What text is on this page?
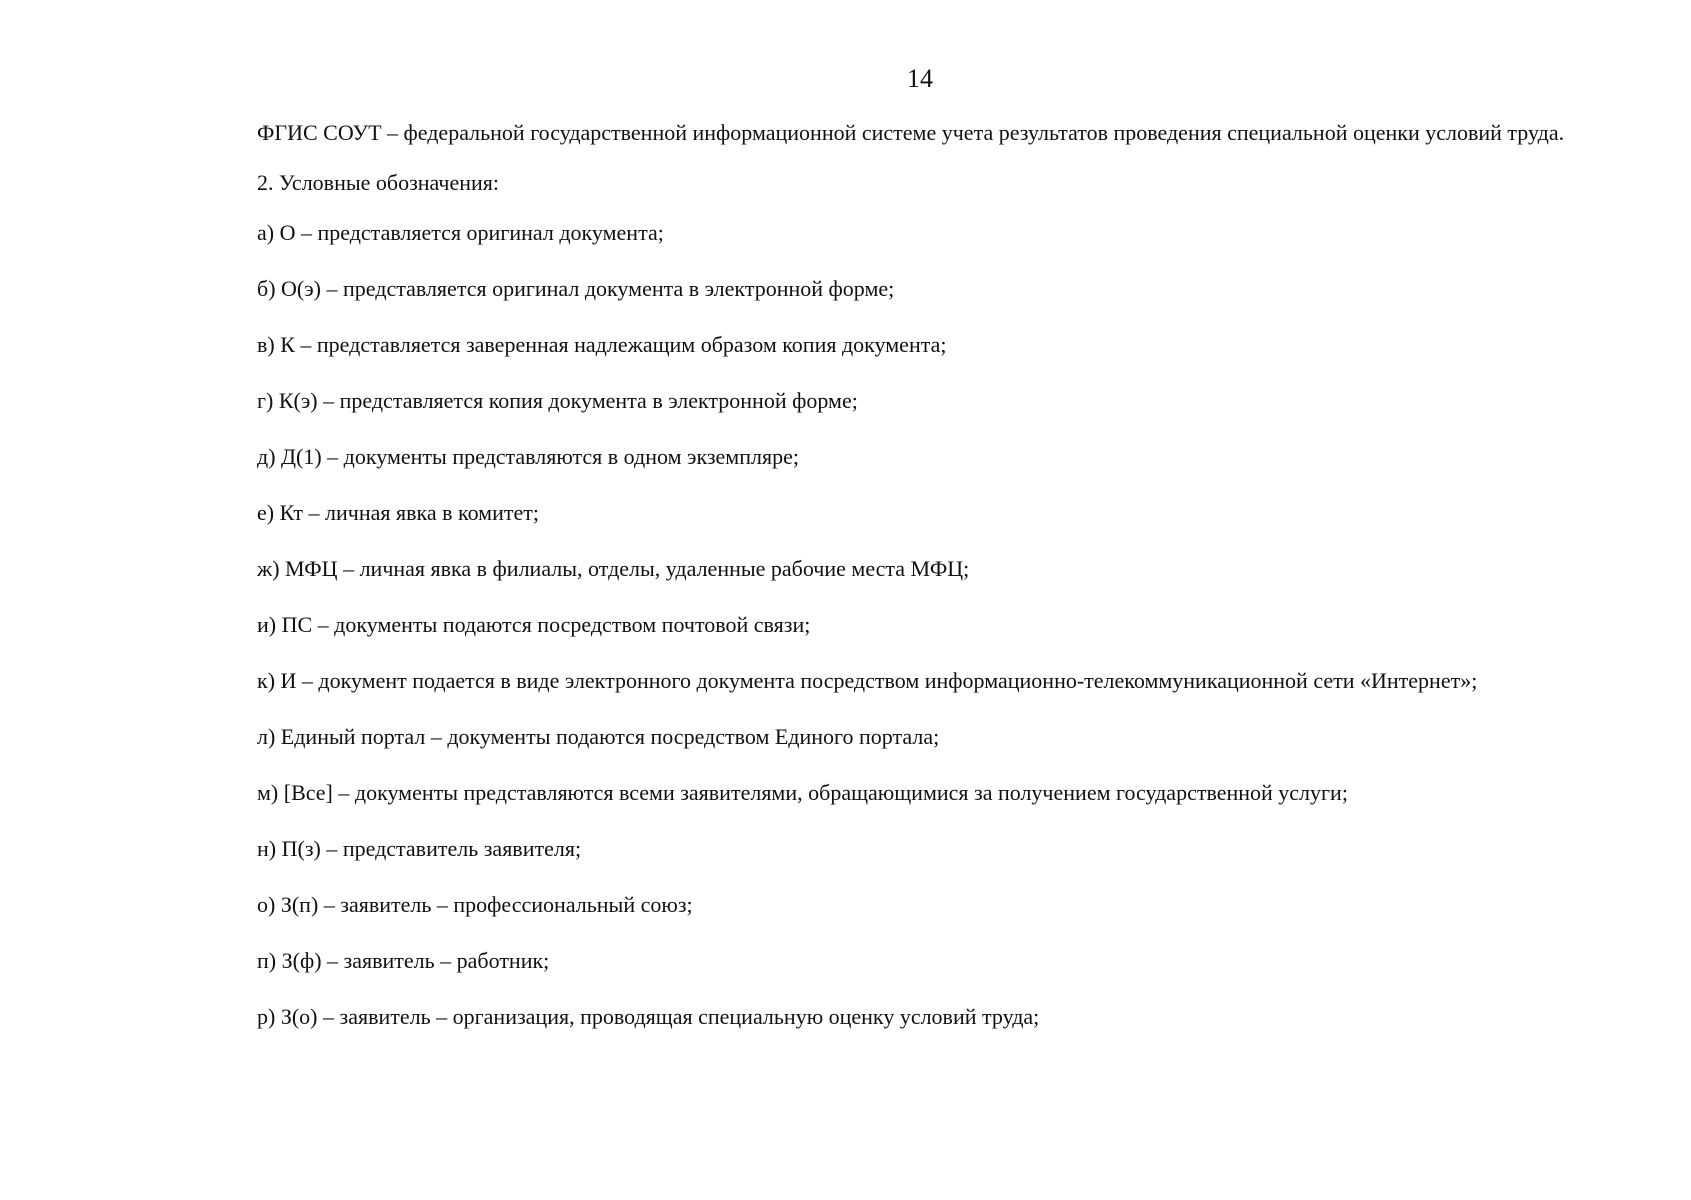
14

ФГИС СОУТ – федеральной государственной информационной системе учета результатов проведения специальной оценки условий труда.

2. Условные обозначения:
а) О – представляется оригинал документа;
б) О(э) – представляется оригинал документа в электронной форме;
в) К – представляется заверенная надлежащим образом копия документа;
г) К(э) – представляется копия документа в электронной форме;
д) Д(1) – документы представляются в одном экземпляре;
е) Кт – личная явка в комитет;
ж) МФЦ – личная явка в филиалы, отделы, удаленные рабочие места МФЦ;
и) ПС – документы подаются посредством почтовой связи;
к) И – документ подается в виде электронного документа посредством информационно-телекоммуникационной сети «Интернет»;
л) Единый портал – документы подаются посредством Единого портала;
м) [Все] – документы представляются всеми заявителями, обращающимися за получением государственной услуги;
н) П(з) – представитель заявителя;
о) З(п) – заявитель – профессиональный союз;
п) З(ф) – заявитель – работник;
р) З(о) – заявитель – организация, проводящая специальную оценку условий труда;
